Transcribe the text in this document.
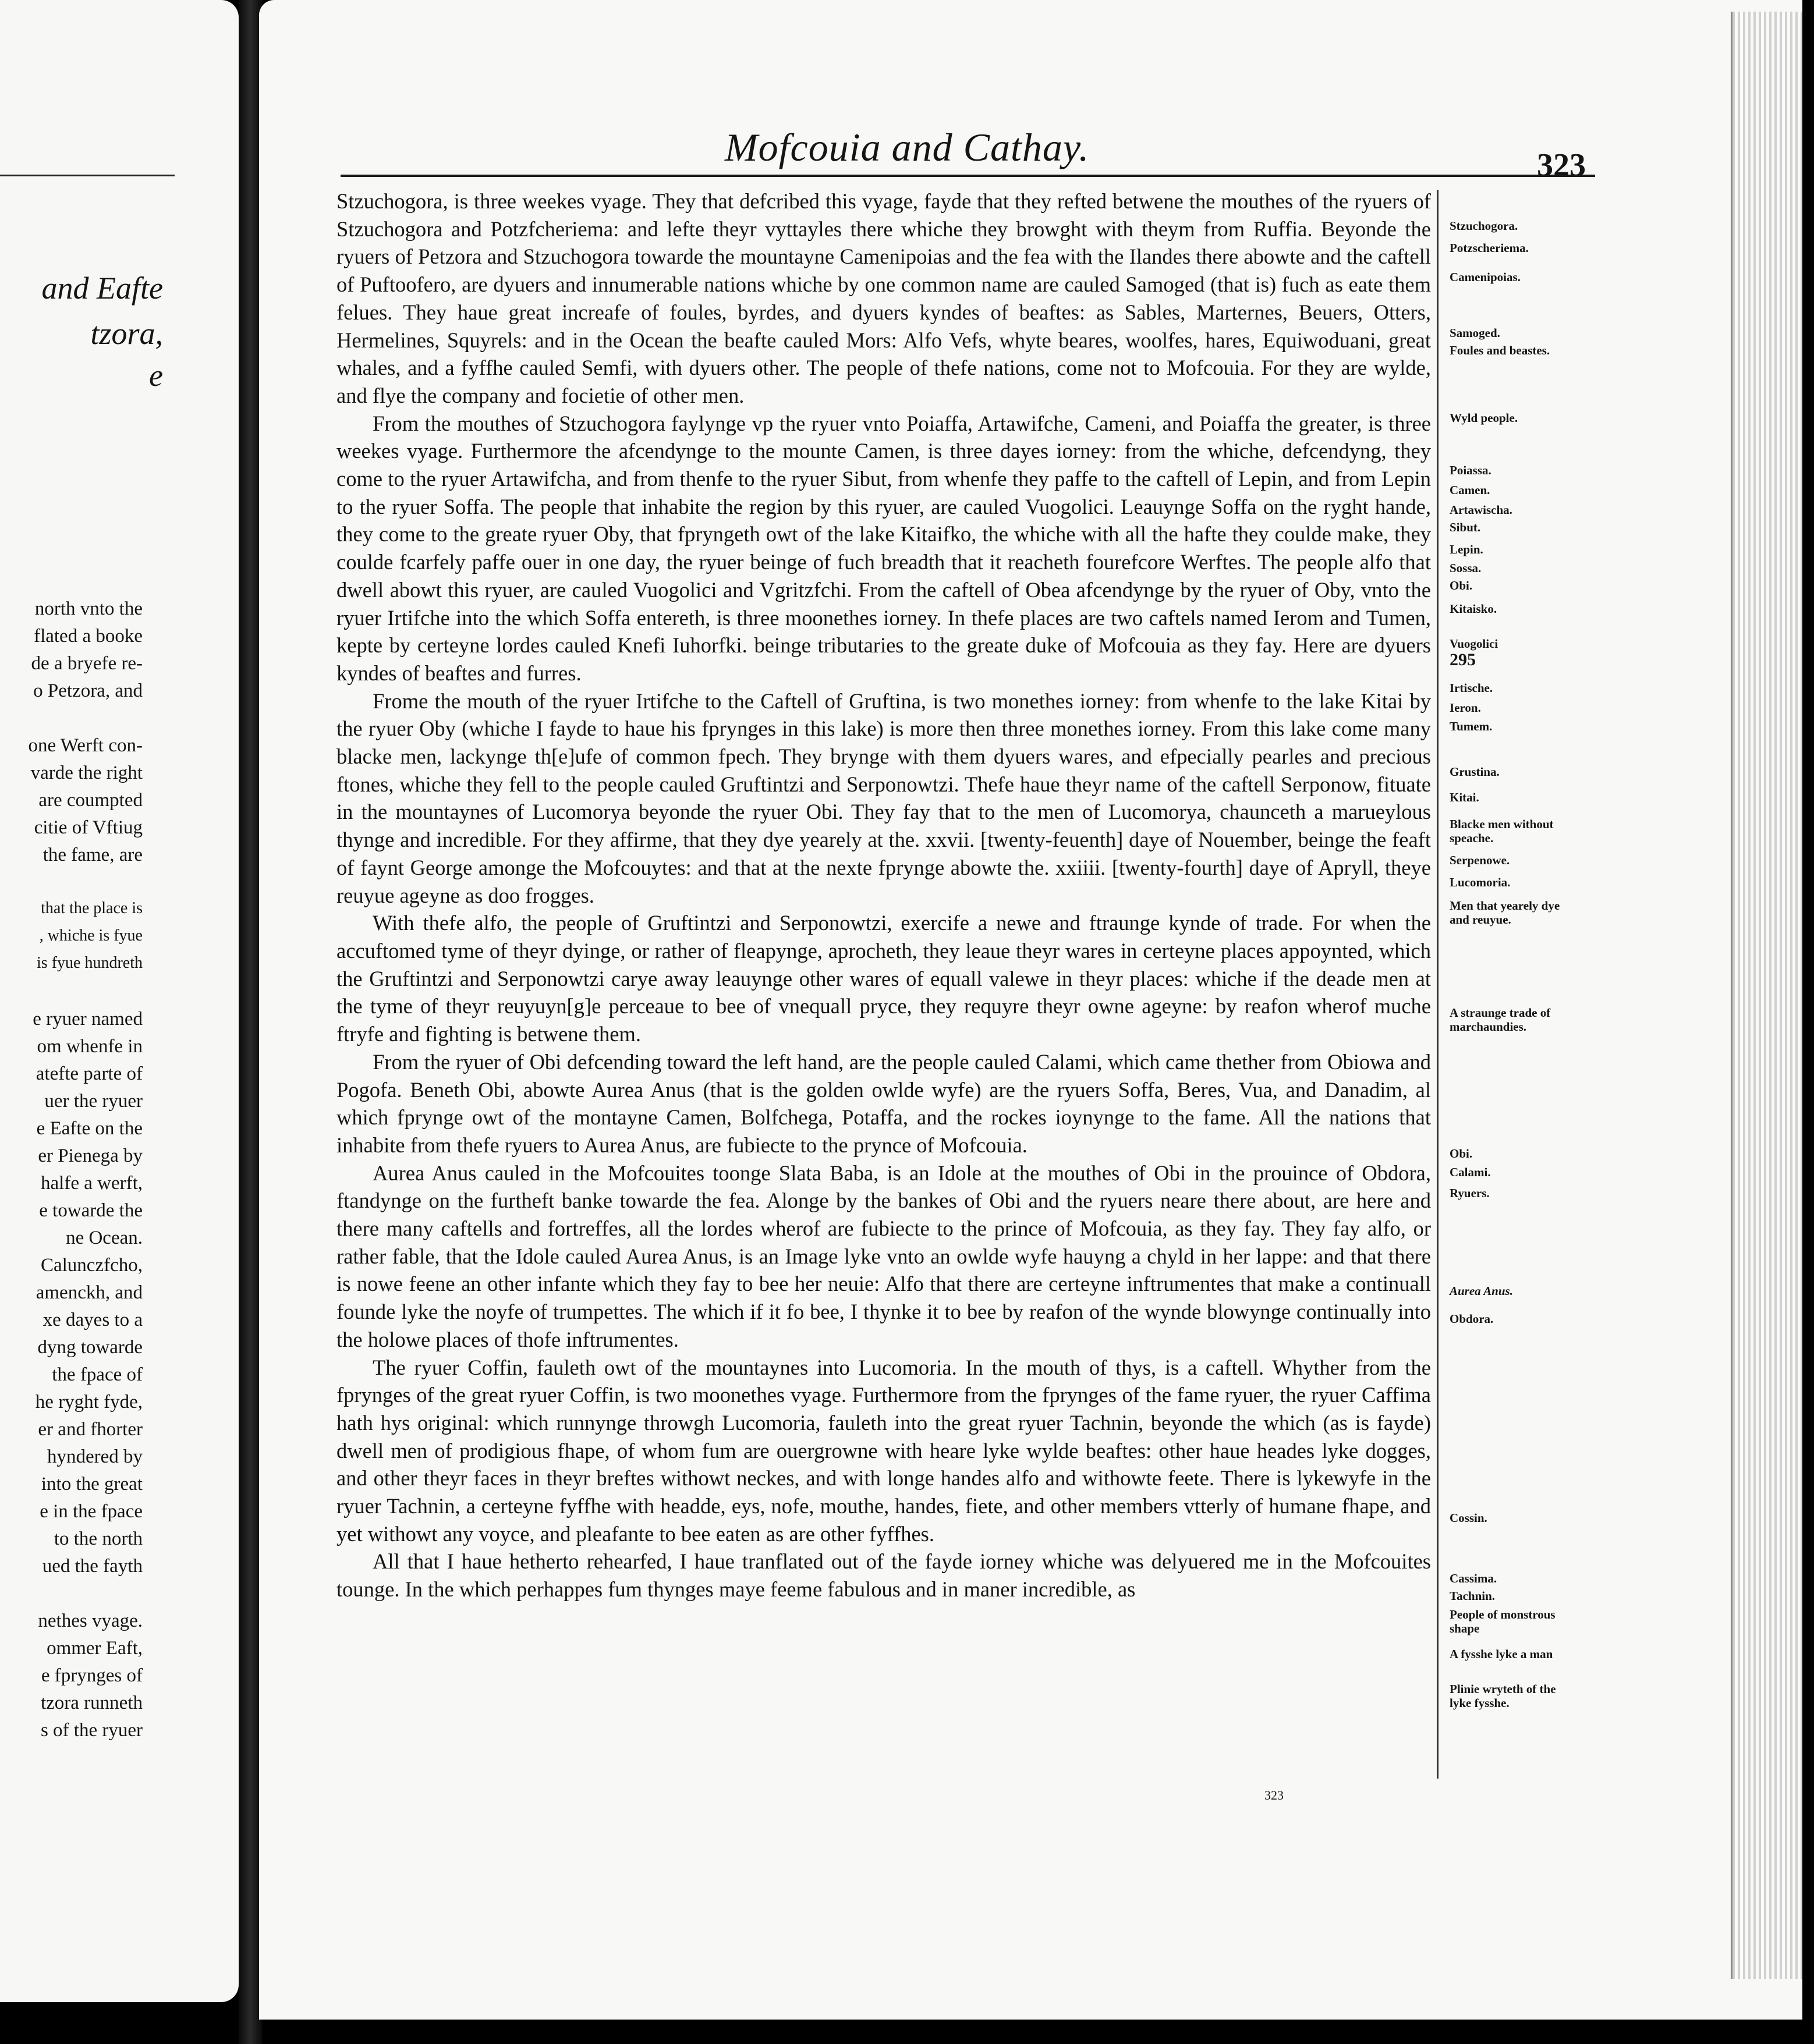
and Eafte
tzora,
e
north vnto the
flated a booke
de a bryefe re-
o Petzora, and
one Werft con-
varde the right
are coumpted
citie of Vftiug
the fame, are
that the place is
, whiche is fyue
is fyue hundreth
e ryuer named
om whenfe in
atefte parte of
uer the ryuer
e Eafte on the
er Pienega by
halfe a werft,
e towarde the
ne Ocean.
Calunczfcho,
amenckh, and
xe dayes to a
dyng towarde
the fpace of
he ryght fyde,
er and fhorter
hyndered by
into the great
e in the fpace
to the north
ued the fayth
nethes vyage.
ommer Eaft,
e fprynges of
tzora runneth
s of the ryuer
Mofcouia and Cathay.	323

Stzuchogora, is three weekes vyage. They that defcribed this vyage, fayde that they refted betwene the mouthes of the ryuers of Stzuchogora and Potzfcheriema: and lefte theyr vyttayles there whiche they browght with theym from Ruffia. Beyonde the ryuers of Petzora and Stzuchogora towarde the mountayne Camenipoias and the fea with the Ilandes there abowte and the caftell of Puftoofero, are dyuers and innumerable nations whiche by one common name are cauled Samoged (that is) fuch as eate them felues. They haue great increafe of foules, byrdes, and dyuers kyndes of beaftes: as Sables, Marternes, Beuers, Otters, Hermelines, Squyrels: and in the Ocean the beafte cauled Mors: Alfo Vefs, whyte beares, woolfes, hares, Equiwoduani, great whales, and a fyffhe cauled Semfi, with dyuers other. The people of thefe nations, come not to Mofcouia. For they are wylde, and flye the company and focietie of other men.

From the mouthes of Stzuchogora faylynge vp the ryuer vnto Poiaffa, Artawifche, Cameni, and Poiaffa the greater, is three weekes vyage. Furthermore the afcendynge to the mounte Camen, is three dayes iorney: from the whiche, defcendyng, they come to the ryuer Artawifcha, and from thenfe to the ryuer Sibut, from whenfe they paffe to the caftell of Lepin, and from Lepin to the ryuer Soffa. The people that inhabite the region by this ryuer, are cauled Vuogolici. Leauynge Soffa on the ryght hande, they come to the greate ryuer Oby, that fpryngeth owt of the lake Kitaifko, the whiche with all the hafte they coulde make, they coulde fcarfely paffe ouer in one day, the ryuer beinge of fuch breadth that it reacheth fourefcore Werftes. The people alfo that dwell abowt this ryuer, are cauled Vuogolici and Vgritzfchi. From the caftell of Obea afcendynge by the ryuer of Oby, vnto the ryuer Irtifche into the which Soffa entereth, is three moonethes iorney. In thefe places are two caftels named Ierom and Tumen, kepte by certeyne lordes cauled Knefi Iuhorfki. beinge tributaries to the greate duke of Mofcouia as they fay. Here are dyuers kyndes of beaftes and furres.

Frome the mouth of the ryuer Irtifche to the Caftell of Gruftina, is two monethes iorney: from whenfe to the lake Kitai by the ryuer Oby (whiche I fayde to haue his fprynges in this lake) is more then three monethes iorney. From this lake come many blacke men, lackynge th[e]ufe of common fpech. They brynge with them dyuers wares, and efpecially pearles and precious ftones, whiche they fell to the people cauled Gruftintzi and Serponowtzi. Thefe haue theyr name of the caftell Serponow, fituate in the mountaynes of Lucomorya beyonde the ryuer Obi. They fay that to the men of Lucomorya, chaunceth a marueylous thynge and incredible. For they affirme, that they dye yearely at the. xxvii. [twenty-feuenth] daye of Nouember, beinge the feaft of faynt George amonge the Mofcouytes: and that at the nexte fprynge abowte the. xxiiii. [twenty-fourth] daye of Apryll, theye reuyue ageyne as doo frogges.

With thefe alfo, the people of Gruftintzi and Serponowtzi, exercife a newe and ftraunge kynde of trade. For when the accuftomed tyme of theyr dyinge, or rather of fleapynge, aprocheth, they leaue theyr wares in certeyne places appoynted, which the Gruftintzi and Serponowtzi carye away leauynge other wares of equall valewe in theyr places: whiche if the deade men at the tyme of theyr reuyuyn[g]e perceaue to bee of vnequall pryce, they requyre theyr owne ageyne: by reafon wherof muche ftryfe and fighting is betwene them.

From the ryuer of Obi defcending toward the left hand, are the people cauled Calami, which came thether from Obiowa and Pogofa. Beneth Obi, abowte Aurea Anus (that is the golden owlde wyfe) are the ryuers Soffa, Beres, Vua, and Danadim, al which fprynge owt of the montayne Camen, Bolfchega, Potaffa, and the rockes ioynynge to the fame. All the nations that inhabite from thefe ryuers to Aurea Anus, are fubiecte to the prynce of Mofcouia.

Aurea Anus cauled in the Mofcouites toonge Slata Baba, is an Idole at the mouthes of Obi in the prouince of Obdora, ftandynge on the furtheft banke towarde the fea. Alonge by the bankes of Obi and the ryuers neare there about, are here and there many caftells and fortreffes, all the lordes wherof are fubiecte to the prince of Mofcouia, as they fay. They fay alfo, or rather fable, that the Idole cauled Aurea Anus, is an Image lyke vnto an owlde wyfe hauyng a chyld in her lappe: and that there is nowe feene an other infante which they fay to bee her neuie: Alfo that there are certeyne inftrumentes that make a continuall founde lyke the noyfe of trumpettes. The which if it fo bee, I thynke it to bee by reafon of the wynde blowynge continually into the holowe places of thofe inftrumentes.

The ryuer Coffin, fauleth owt of the mountaynes into Lucomoria. In the mouth of thys, is a caftell. Whyther from the fprynges of the great ryuer Coffin, is two moonethes vyage. Furthermore from the fprynges of the fame ryuer, the ryuer Caffima hath hys original: which runnynge throwgh Lucomoria, fauleth into the great ryuer Tachnin, beyonde the which (as is fayde) dwell men of prodigious fhape, of whom fum are ouergrowne with heare lyke wylde beaftes: other haue heades lyke dogges, and other theyr faces in theyr breftes withowt neckes, and with longe handes alfo and withowte feete. There is lykewyfe in the ryuer Tachnin, a certeyne fyffhe with headde, eys, nofe, mouthe, handes, fiete, and other members vtterly of humane fhape, and yet withowt any voyce, and pleafante to bee eaten as are other fyffhes.

All that I haue hetherto rehearfed, I haue tranflated out of the fayde iorney whiche was delyuered me in the Mofcouites tounge. In the which perhappes fum thynges maye feeme fabulous and in maner incredible, as

Stzuchogora.
Potzscheriema.
Camenipoias.
Samoged.
Foules and beastes.
Wyld people.
Poiassa.
Camen.
Artawischa.
Sibut.
Lepin.
Sossa.
Obi.
Kitaisko.
Vuogolici
295
Irtische.
Ieron.
Tumem.
Grustina.
Kitai.
Blacke men without speache.
Serpenowe.
Lucomoria.
Men that yearely dye and reuyue.
A straunge trade of marchaundies.
Obi.
Calami.
Ryuers.
Aurea Anus.
Obdora.
Cossin.
Cassima.
Tachnin.
People of monstrous shape
A fysshe lyke a man
Plinie wryteth of the lyke fysshe.
323
